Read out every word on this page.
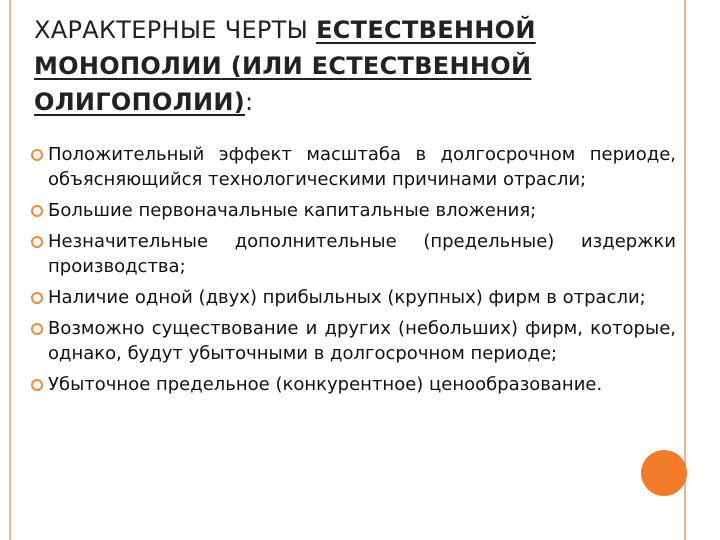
ХАРАКТЕРНЫЕ ЧЕРТЫ ЕСТЕСТВЕННОЙ МОНОПОЛИИ (ИЛИ ЕСТЕСТВЕННОЙ ОЛИГОПОЛИИ):
Положительный эффект масштаба в долгосрочном периоде, объясняющийся технологическими причинами отрасли;
Большие первоначальные капитальные вложения;
Незначительные дополнительные (предельные) издержки производства;
Наличие одной (двух) прибыльных (крупных) фирм в отрасли;
Возможно существование и других (небольших) фирм, которые, однако, будут убыточными в долгосрочном периоде;
Убыточное предельное (конкурентное) ценообразование.
